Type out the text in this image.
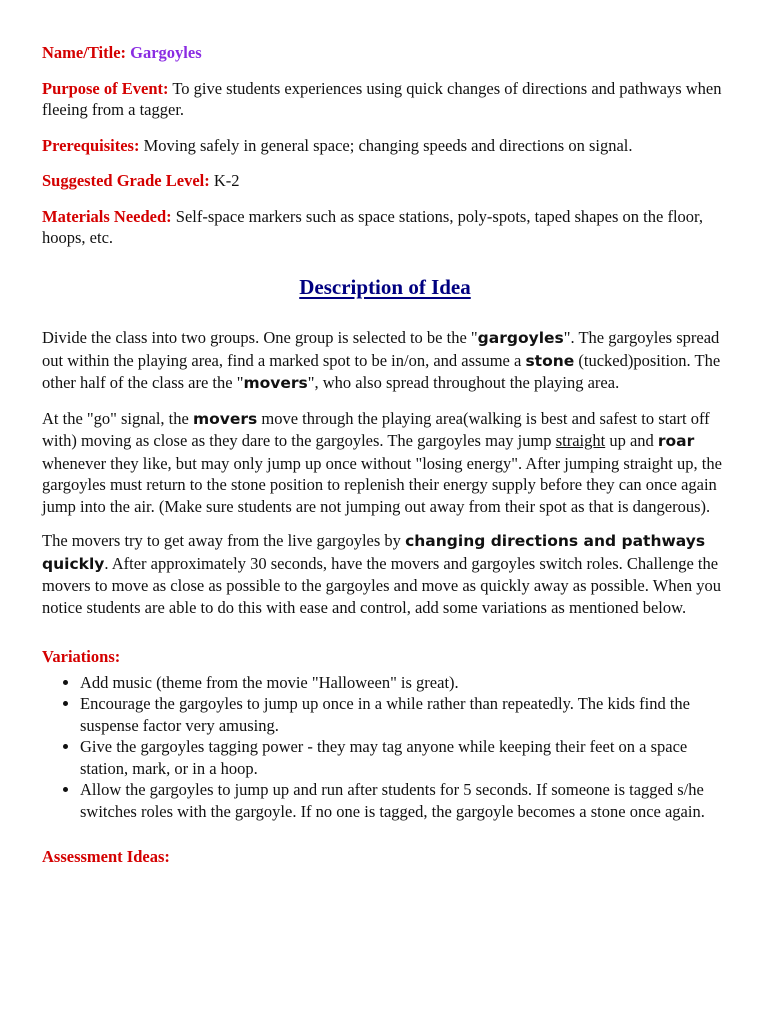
Name/Title: Gargoyles
Purpose of Event: To give students experiences using quick changes of directions and pathways when fleeing from a tagger.
Prerequisites: Moving safely in general space; changing speeds and directions on signal.
Suggested Grade Level: K-2
Materials Needed: Self-space markers such as space stations, poly-spots, taped shapes on the floor, hoops, etc.
Description of Idea

Divide the class into two groups. One group is selected to be the "gargoyles". The gargoyles spread out within the playing area, find a marked spot to be in/on, and assume a stone (tucked)position. The other half of the class are the "movers", who also spread throughout the playing area.

At the "go" signal, the movers move through the playing area(walking is best and safest to start off with) moving as close as they dare to the gargoyles. The gargoyles may jump straight up and roar whenever they like, but may only jump up once without "losing energy". After jumping straight up, the gargoyles must return to the stone position to replenish their energy supply before they can once again jump into the air. (Make sure students are not jumping out away from their spot as that is dangerous).

The movers try to get away from the live gargoyles by changing directions and pathways quickly. After approximately 30 seconds, have the movers and gargoyles switch roles. Challenge the movers to move as close as possible to the gargoyles and move as quickly away as possible. When you notice students are able to do this with ease and control, add some variations as mentioned below.

Variations:
• Add music (theme from the movie "Halloween" is great).
• Encourage the gargoyles to jump up once in a while rather than repeatedly. The kids find the suspense factor very amusing.
• Give the gargoyles tagging power - they may tag anyone while keeping their feet on a space station, mark, or in a hoop.
• Allow the gargoyles to jump up and run after students for 5 seconds. If someone is tagged s/he switches roles with the gargoyle. If no one is tagged, the gargoyle becomes a stone once again.
Assessment Ideas:
